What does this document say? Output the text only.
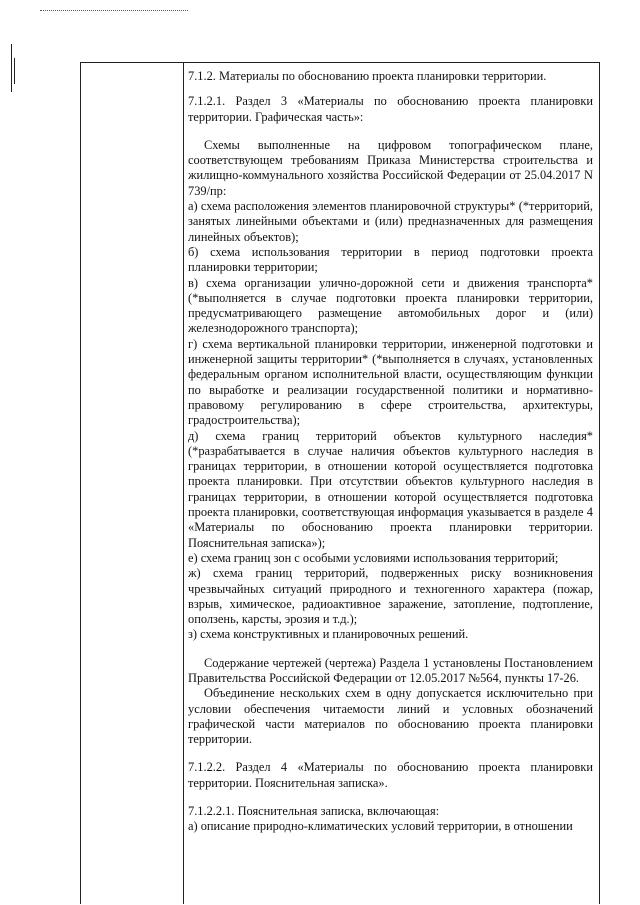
7.1.2. Материалы по обоснованию проекта планировки территории.

7.1.2.1. Раздел 3 «Материалы по обоснованию проекта планировки территории. Графическая часть»:

Схемы выполненные на цифровом топографическом плане, соответствующем требованиям Приказа Министерства строительства и жилищно-коммунального хозяйства Российской Федерации от 25.04.2017 N 739/пр:

а) схема расположения элементов планировочной структуры* (*территорий, занятых линейными объектами и (или) предназначенных для размещения линейных объектов);

б) схема использования территории в период подготовки проекта планировки территории;

в) схема организации улично-дорожной сети и движения транспорта* (*выполняется в случае подготовки проекта планировки территории, предусматривающего размещение автомобильных дорог и (или) железнодорожного транспорта);

г) схема вертикальной планировки территории, инженерной подготовки и инженерной защиты территории* (*выполняется в случаях, установленных федеральным органом исполнительной власти, осуществляющим функции по выработке и реализации государственной политики и нормативно-правовому регулированию в сфере строительства, архитектуры, градостроительства);

д) схема границ территорий объектов культурного наследия* (*разрабатывается в случае наличия объектов культурного наследия в границах территории, в отношении которой осуществляется подготовка проекта планировки. При отсутствии объектов культурного наследия в границах территории, в отношении которой осуществляется подготовка проекта планировки, соответствующая информация указывается в разделе 4 «Материалы по обоснованию проекта планировки территории. Пояснительная записка»);

е) схема границ зон с особыми условиями использования территорий;

ж) схема границ территорий, подверженных риску возникновения чрезвычайных ситуаций природного и техногенного характера (пожар, взрыв, химическое, радиоактивное заражение, затопление, подтопление, оползень, карсты, эрозия и т.д.);

з) схема конструктивных и планировочных решений.

Содержание чертежей (чертежа) Раздела 1 установлены Постановлением Правительства Российской Федерации от 12.05.2017 №564, пункты 17-26.

Объединение нескольких схем в одну допускается исключительно при условии обеспечения читаемости линий и условных обозначений графической части материалов по обоснованию проекта планировки территории.

7.1.2.2. Раздел 4 «Материалы по обоснованию проекта планировки территории. Пояснительная записка».

7.1.2.2.1. Пояснительная записка, включающая:

а) описание природно-климатических условий территории, в отношении
